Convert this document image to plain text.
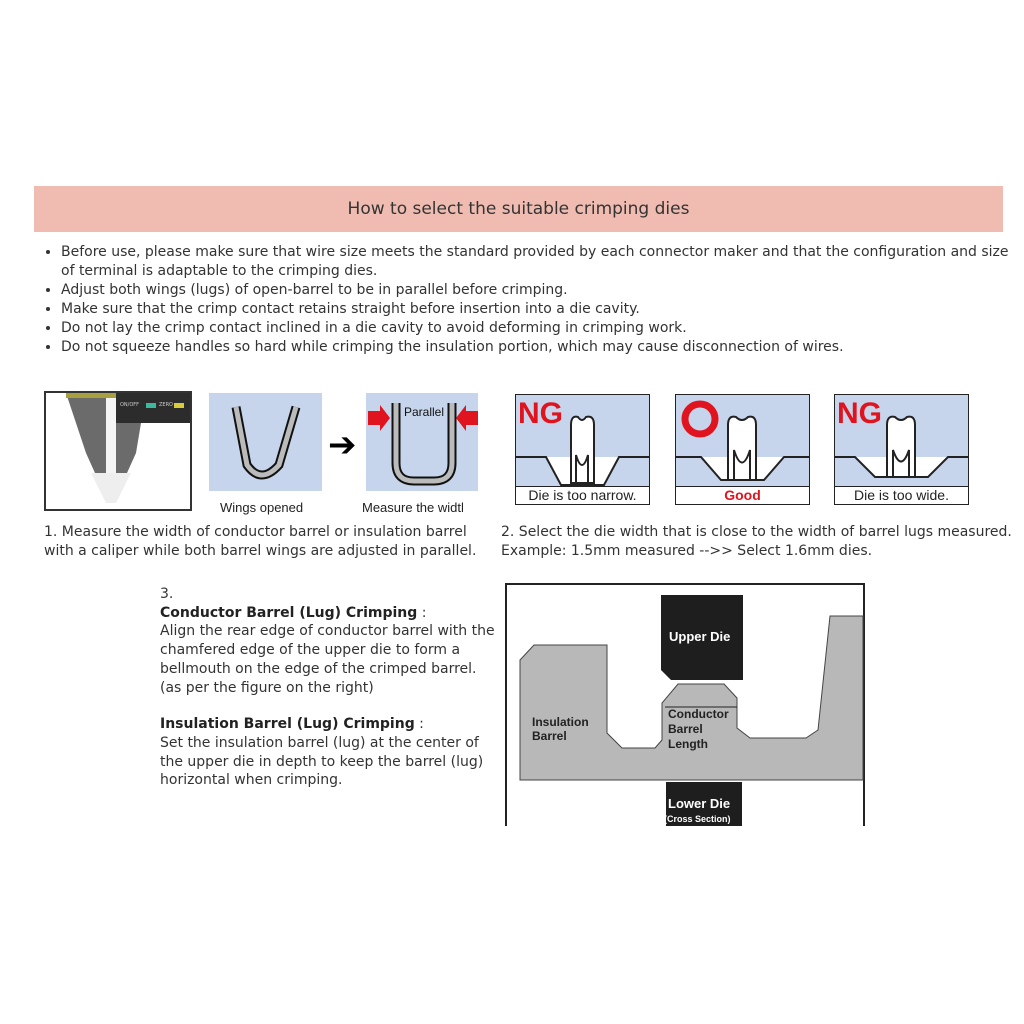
How to select the suitable crimping dies
• Before use, please make sure that wire size meets the standard provided by each connector maker and that the configuration and size of terminal is adaptable to the crimping dies.
• Adjust both wings (lugs) of open-barrel to be in parallel before crimping.
• Make sure that the crimp contact retains straight before insertion into a die cavity.
• Do not lay the crimp contact inclined in a die cavity to avoid deforming in crimping work.
• Do not squeeze handles so hard while crimping the insulation portion, which may cause disconnection of wires.
ON/OFF	ZERO
Wings opened
➔
Parallel
Measure the widtl
1. Measure the width of conductor barrel or insulation barrel
with a caliper while both barrel wings are adjusted in parallel.
NG
Die is too narrow.	Good
NG
Die is too wide.
2. Select the die width that is close to the width of barrel lugs measured.
Example: 1.5mm measured -->> Select 1.6mm dies.
3.
Conductor Barrel (Lug) Crimping :
Align the rear edge of conductor barrel with the chamfered edge of the upper die to form a bellmouth on the edge of the crimped barrel. (as per the figure on the right)
Insulation Barrel (Lug) Crimping :
Set the insulation barrel (lug) at the center of the upper die in depth to keep the barrel (lug) horizontal when crimping.
Upper Die
Lower Die
(Cross Section)
Insulation
Barrel
Conductor
Barrel
Length
